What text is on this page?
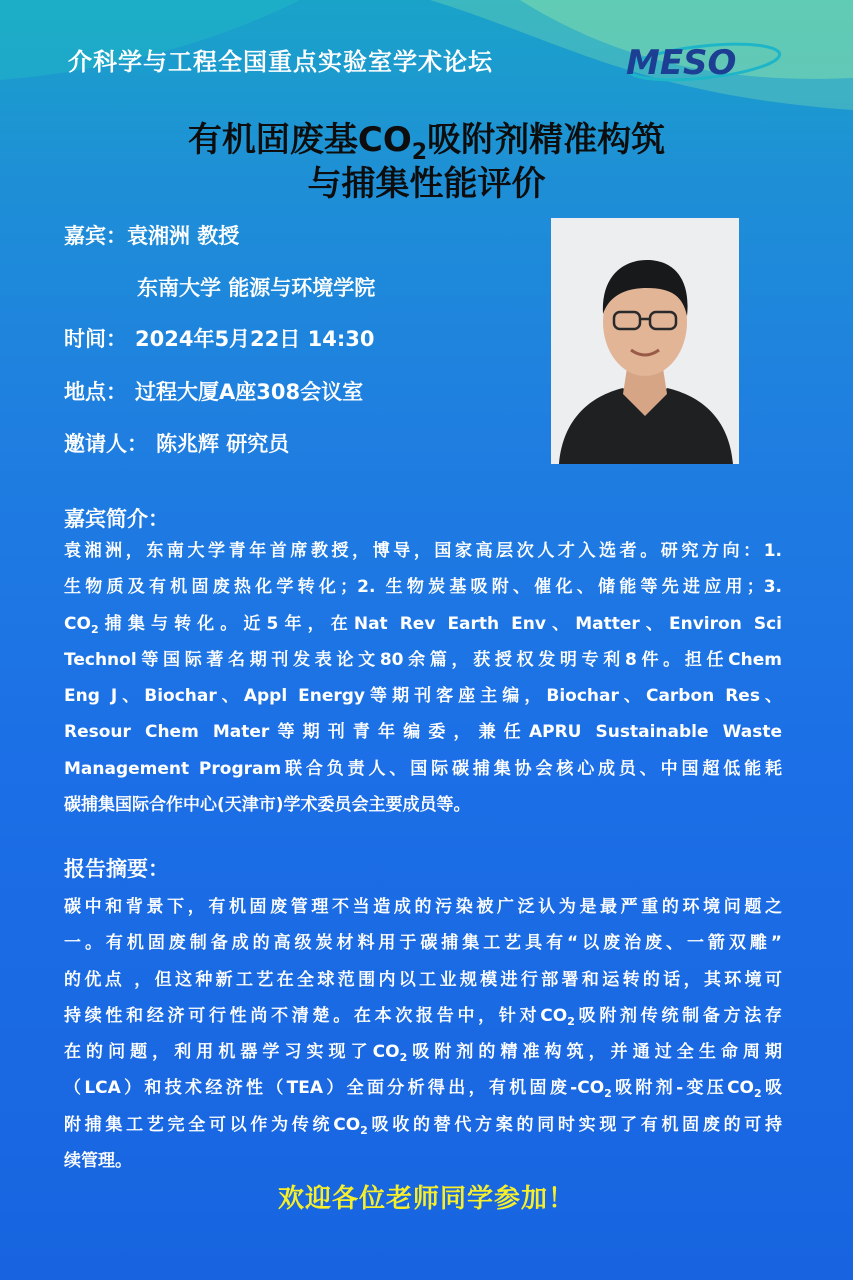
介科学与工程全国重点实验室学术论坛	MESO
有机固废基$CO_2$吸附剂精准构筑
与捕集性能评价
嘉宾：袁湘洲 教授
东南大学 能源与环境学院
时间： 2024年5月22日 14:30
地点： 过程大厦A座308会议室
邀请人： 陈兆辉 研究员
嘉宾简介：
袁湘洲，东南大学青年首席教授，博导，国家高层次人才入选者。研究方向：1.
生物质及有机固废热化学转化；2. 生物炭基吸附、催化、储能等先进应用；3.
$CO_2$捕集与转化。近5年，在Nat Rev Earth Env、Matter、Environ Sci
Technol等国际著名期刊发表论文80余篇，获授权发明专利8件。担任Chem
Eng J、Biochar、Appl Energy等期刊客座主编，Biochar、Carbon Res、
Resour Chem Mater等期刊青年编委，兼任APRU Sustainable Waste
Management Program联合负责人、国际碳捕集协会核心成员、中国超低能耗
碳捕集国际合作中心(天津市)学术委员会主要成员等。
报告摘要：
碳中和背景下，有机固废管理不当造成的污染被广泛认为是最严重的环境问题之
一。有机固废制备成的高级炭材料用于碳捕集工艺具有“以废治废、一箭双雕”
的优点 ，但这种新工艺在全球范围内以工业规模进行部署和运转的话，其环境可
持续性和经济可行性尚不清楚。在本次报告中，针对$CO_2$吸附剂传统制备方法存
在的问题，利用机器学习实现了$CO_2$吸附剂的精准构筑，并通过全生命周期
（LCA）和技术经济性（TEA）全面分析得出，有机固废$-CO_2$吸附剂-变压$CO_2$吸
附捕集工艺完全可以作为传统$CO_2$吸收的替代方案的同时实现了有机固废的可持
续管理。
欢迎各位老师同学参加！
